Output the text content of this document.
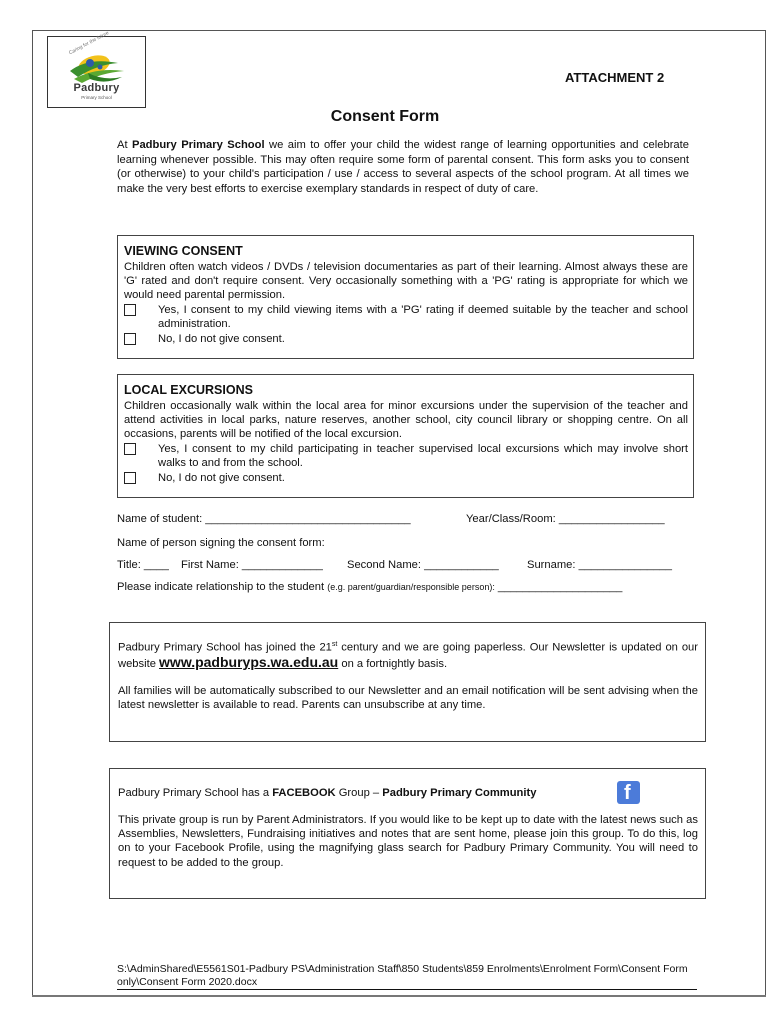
Caring for the future
Padbury
Primary School
ATTACHMENT 2
Consent Form
At Padbury Primary School we aim to offer your child the widest range of learning opportunities and celebrate learning whenever possible. This may often require some form of parental consent. This form asks you to consent (or otherwise) to your child's participation / use / access to several aspects of the school program. At all times we make the very best efforts to exercise exemplary standards in respect of duty of care.
VIEWING CONSENT
Children often watch videos / DVDs / television documentaries as part of their learning. Almost always these are 'G' rated and don't require consent. Very occasionally something with a 'PG' rating is appropriate for which we would need parental permission.
Yes, I consent to my child viewing items with a 'PG' rating if deemed suitable by the teacher and school administration.
No, I do not give consent.
LOCAL EXCURSIONS
Children occasionally walk within the local area for minor excursions under the supervision of the teacher and attend activities in local parks, nature reserves, another school, city council library or shopping centre. On all occasions, parents will be notified of the local excursion.
Yes, I consent to my child participating in teacher supervised local excursions which may involve short walks to and from the school.
No, I do not give consent.
Name of student: _________________________________	Year/Class/Room: _________________
Name of person signing the consent form:
Title: ____ First Name: _____________ Second Name: ____________	Surname: _______________
Please indicate relationship to the student (e.g. parent/guardian/responsible person): ____________________

Padbury Primary School has joined the 21st century and we are going paperless. Our Newsletter is updated on our website www.padburyps.wa.edu.au on a fortnightly basis.

All families will be automatically subscribed to our Newsletter and an email notification will be sent advising when the latest newsletter is available to read. Parents can unsubscribe at any time.

Padbury Primary School has a FACEBOOK Group – Padbury Primary Community	f

This private group is run by Parent Administrators. If you would like to be kept up to date with the latest news such as Assemblies, Newsletters, Fundraising initiatives and notes that are sent home, please join this group. To do this, log on to your Facebook Profile, using the magnifying glass search for Padbury Primary Community. You will need to request to be added to the group.

S:\AdminShared\E5561S01-Padbury PS\Administration Staff\850 Students\859 Enrolments\Enrolment Form\Consent Form only\Consent Form 2020.docx
